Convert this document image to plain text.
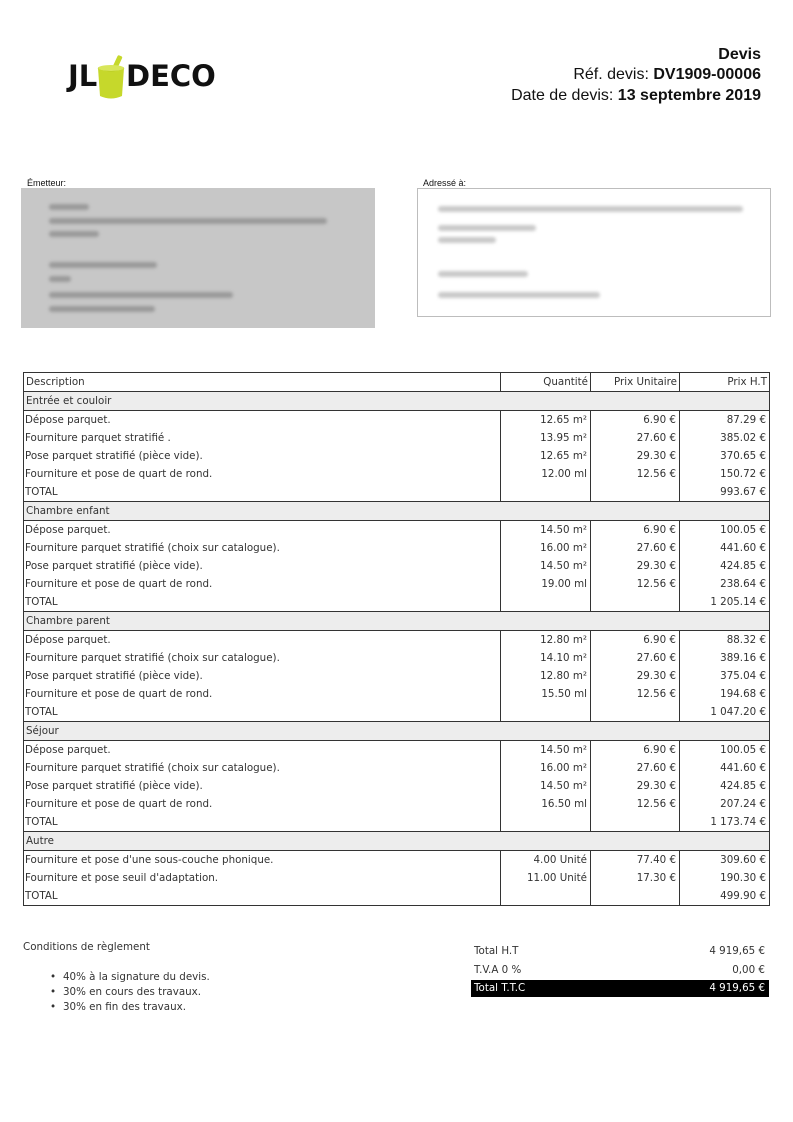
JL DECO
Devis
Réf. devis: DV1909-00006
Date de devis: 13 septembre 2019
Émetteur:	Adressé à:
Description	Quantité	Prix Unitaire	Prix H.T
Entrée et couloir			
Dépose parquet.	12.65 m²	6.90 €	87.29 €
Fourniture parquet stratifié .	13.95 m²	27.60 €	385.02 €
Pose parquet stratifié (pièce vide).	12.65 m²	29.30 €	370.65 €
Fourniture et pose de quart de rond.	12.00 ml	12.56 €	150.72 €
TOTAL			993.67 €
Chambre enfant			
Dépose parquet.	14.50 m²	6.90 €	100.05 €
Fourniture parquet stratifié (choix sur catalogue).	16.00 m²	27.60 €	441.60 €
Pose parquet stratifié (pièce vide).	14.50 m²	29.30 €	424.85 €
Fourniture et pose de quart de rond.	19.00 ml	12.56 €	238.64 €
TOTAL			1 205.14 €
Chambre parent			
Dépose parquet.	12.80 m²	6.90 €	88.32 €
Fourniture parquet stratifié (choix sur catalogue).	14.10 m²	27.60 €	389.16 €
Pose parquet stratifié (pièce vide).	12.80 m²	29.30 €	375.04 €
Fourniture et pose de quart de rond.	15.50 ml	12.56 €	194.68 €
TOTAL			1 047.20 €
Séjour			
Dépose parquet.	14.50 m²	6.90 €	100.05 €
Fourniture parquet stratifié (choix sur catalogue).	16.00 m²	27.60 €	441.60 €
Pose parquet stratifié (pièce vide).	14.50 m²	29.30 €	424.85 €
Fourniture et pose de quart de rond.	16.50 ml	12.56 €	207.24 €
TOTAL			1 173.74 €
Autre			
Fourniture et pose d'une sous-couche phonique.	4.00 Unité	77.40 €	309.60 €
Fourniture et pose seuil d'adaptation.	11.00 Unité	17.30 €	190.30 €
TOTAL			499.90 €
Conditions de règlement
• 40% à la signature du devis.
• 30% en cours des travaux.
• 30% en fin des travaux.
Total H.T	4 919,65 €
T.V.A 0 %	0,00 €
Total T.T.C	4 919,65 €
